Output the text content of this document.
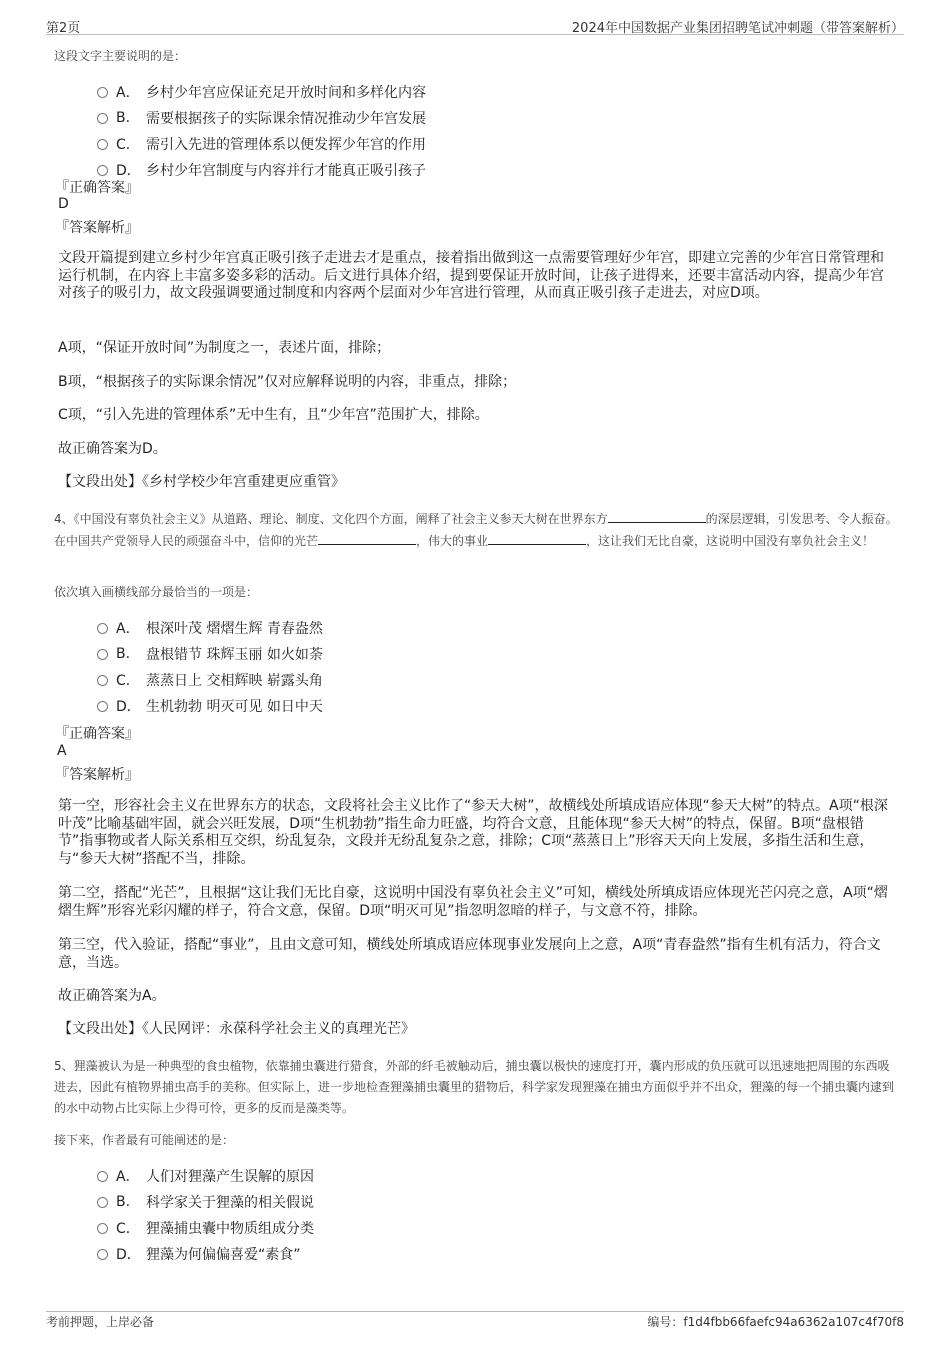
第2页	2024年中国数据产业集团招聘笔试冲刺题（带答案解析）
这段文字主要说明的是：
A． 乡村少年宫应保证充足开放时间和多样化内容
B.	需要根据孩子的实际课余情况推动少年宫发展
C． 需引入先进的管理体系以便发挥少年宫的作用
D． 乡村少年宫制度与内容并行才能真正吸引孩子
『正确答案』
D
『答案解析』
文段开篇提到建立乡村少年宫真正吸引孩子走进去才是重点，接着指出做到这一点需要管理好少年宫，即建立完善的少年宫日常管理和运行机制，在内容上丰富多姿多彩的活动。后文进行具体介绍，提到要保证开放时间，让孩子进得来，还要丰富活动内容，提高少年宫对孩子的吸引力，故文段强调要通过制度和内容两个层面对少年宫进行管理，从而真正吸引孩子走进去，对应D项。
A项，“保证开放时间”为制度之一，表述片面，排除；
B项，“根据孩子的实际课余情况”仅对应解释说明的内容，非重点，排除；
C项，“引入先进的管理体系”无中生有，且“少年宫”范围扩大，排除。
故正确答案为D。
【文段出处】《乡村学校少年宫重建更应重管》
4、《中国没有辜负社会主义》从道路、理论、制度、文化四个方面，阐释了社会主义参天大树在世界东方	的深层逻辑，引发思考、令人振奋。在中国共产党领导人民的顽强奋斗中，信仰的光芒	，伟大的事业	，这让我们无比自豪，这说明中国没有辜负社会主义！
依次填入画横线部分最恰当的一项是：
A． 根深叶茂 熠熠生辉 青春盎然
B.	盘根错节 珠辉玉丽 如火如荼
C． 蒸蒸日上 交相辉映 崭露头角
D． 生机勃勃 明灭可见 如日中天
『正确答案』
A
『答案解析』
第一空，形容社会主义在世界东方的状态，文段将社会主义比作了“参天大树”，故横线处所填成语应体现“参天大树”的特点。A项“根深叶茂”比喻基础牢固，就会兴旺发展，D项“生机勃勃”指生命力旺盛，均符合文意，且能体现“参天大树”的特点，保留。B项“盘根错节”指事物或者人际关系相互交织，纷乱复杂，文段并无纷乱复杂之意，排除；C项“蒸蒸日上”形容天天向上发展，多指生活和生意，与“参天大树”搭配不当，排除。
第二空，搭配“光芒”，且根据“这让我们无比自豪，这说明中国没有辜负社会主义”可知，横线处所填成语应体现光芒闪亮之意，A项“熠熠生辉”形容光彩闪耀的样子，符合文意，保留。D项“明灭可见”指忽明忽暗的样子，与文意不符，排除。
第三空，代入验证，搭配“事业”，且由文意可知，横线处所填成语应体现事业发展向上之意，A项“青春盎然”指有生机有活力，符合文意，当选。
故正确答案为A。
【文段出处】《人民网评：永葆科学社会主义的真理光芒》
5、狸藻被认为是一种典型的食虫植物，依靠捕虫囊进行猎食，外部的纤毛被触动后，捕虫囊以极快的速度打开，囊内形成的负压就可以迅速地把周围的东西吸进去，因此有植物界捕虫高手的美称。但实际上，进一步地检查狸藻捕虫囊里的猎物后，科学家发现狸藻在捕虫方面似乎并不出众，狸藻的每一个捕虫囊内逮到的水中动物占比实际上少得可怜，更多的反而是藻类等。
接下来，作者最有可能阐述的是：
A． 人们对狸藻产生误解的原因
B.	科学家关于狸藻的相关假说
C． 狸藻捕虫囊中物质组成分类
D． 狸藻为何偏偏喜爱“素食”
考前押题，上岸必备	编号：f1d4fbb66faefc94a6362a107c4f70f8
